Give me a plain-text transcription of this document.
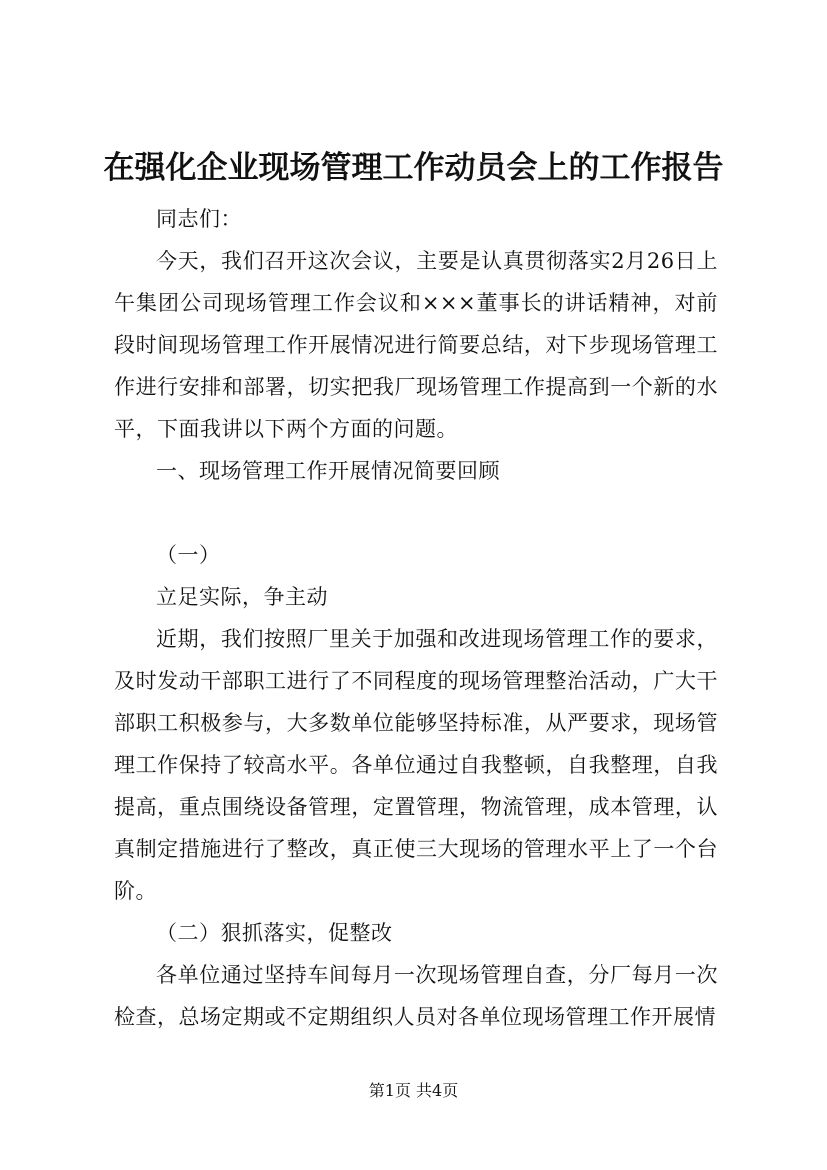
在强化企业现场管理工作动员会上的工作报告

同志们：

今天，我们召开这次会议，主要是认真贯彻落实2月26日上午集团公司现场管理工作会议和×××董事长的讲话精神，对前段时间现场管理工作开展情况进行简要总结，对下步现场管理工作进行安排和部署，切实把我厂现场管理工作提高到一个新的水平，下面我讲以下两个方面的问题。

一、现场管理工作开展情况简要回顾

（一）

立足实际，争主动

近期，我们按照厂里关于加强和改进现场管理工作的要求，及时发动干部职工进行了不同程度的现场管理整治活动，广大干部职工积极参与，大多数单位能够坚持标准，从严要求，现场管理工作保持了较高水平。各单位通过自我整顿，自我整理，自我提高，重点围绕设备管理，定置管理，物流管理，成本管理，认真制定措施进行了整改，真正使三大现场的管理水平上了一个台阶。

（二）狠抓落实，促整改

各单位通过坚持车间每月一次现场管理自查，分厂每月一次检查，总场定期或不定期组织人员对各单位现场管理工作开展情

第1页 共4页
